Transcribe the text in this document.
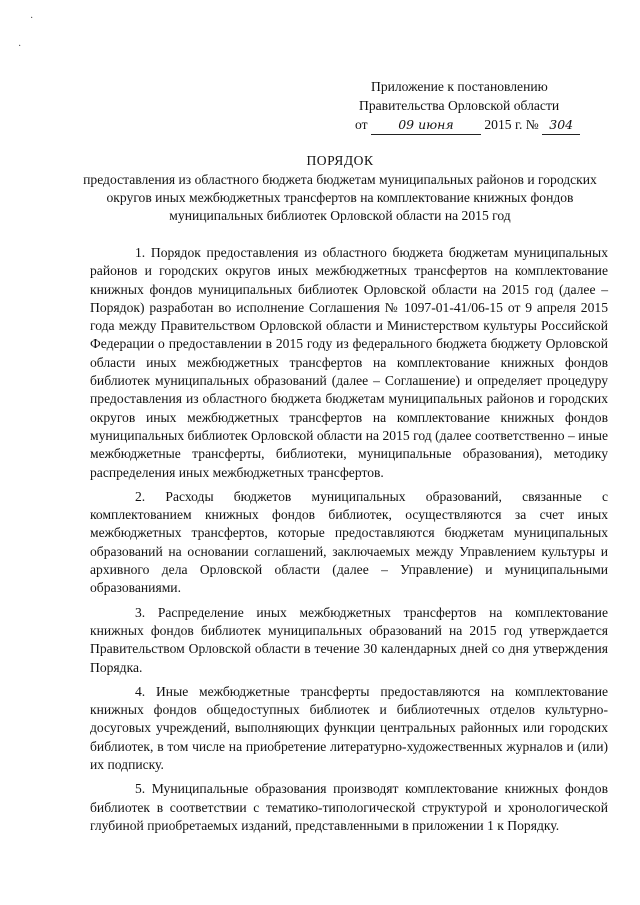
·
·
Приложение к постановлению
Правительства Орловской области
от 09 июня 2015 г. № 304
ПОРЯДОК
предоставления из областного бюджета бюджетам муниципальных районов и городских округов иных межбюджетных трансфертов на комплектование книжных фондов муниципальных библиотек Орловской области на 2015 год

1. Порядок предоставления из областного бюджета бюджетам муниципальных районов и городских округов иных межбюджетных трансфертов на комплектование книжных фондов муниципальных библиотек Орловской области на 2015 год (далее – Порядок) разработан во исполнение Соглашения № 1097-01-41/06-15 от 9 апреля 2015 года между Правительством Орловской области и Министерством культуры Российской Федерации о предоставлении в 2015 году из федерального бюджета бюджету Орловской области иных межбюджетных трансфертов на комплектование книжных фондов библиотек муниципальных образований (далее – Соглашение) и определяет процедуру предоставления из областного бюджета бюджетам муниципальных районов и городских округов иных межбюджетных трансфертов на комплектование книжных фондов муниципальных библиотек Орловской области на 2015 год (далее соответственно – иные межбюджетные трансферты, библиотеки, муниципальные образования), методику распределения иных межбюджетных трансфертов.

2. Расходы бюджетов муниципальных образований, связанные с комплектованием книжных фондов библиотек, осуществляются за счет иных межбюджетных трансфертов, которые предоставляются бюджетам муниципальных образований на основании соглашений, заключаемых между Управлением культуры и архивного дела Орловской области (далее – Управление) и муниципальными образованиями.

3. Распределение иных межбюджетных трансфертов на комплектование книжных фондов библиотек муниципальных образований на 2015 год утверждается Правительством Орловской области в течение 30 календарных дней со дня утверждения Порядка.

4. Иные межбюджетные трансферты предоставляются на комплектование книжных фондов общедоступных библиотек и библиотечных отделов культурно-досуговых учреждений, выполняющих функции центральных районных или городских библиотек, в том числе на приобретение литературно-художественных журналов и (или) их подписку.

5. Муниципальные образования производят комплектование книжных фондов библиотек в соответствии с тематико-типологической структурой и хронологической глубиной приобретаемых изданий, представленными в приложении 1 к Порядку.
